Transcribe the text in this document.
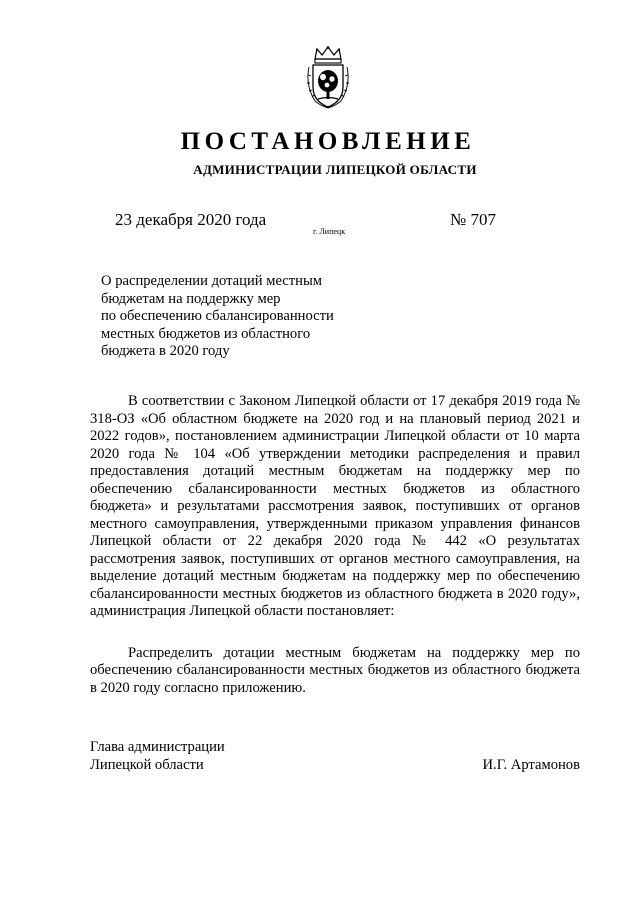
ПОСТАНОВЛЕНИЕ
АДМИНИСТРАЦИИ ЛИПЕЦКОЙ ОБЛАСТИ
23 декабря 2020 года
г. Липецк
№ 707
О распределении дотаций местным
бюджетам на поддержку мер
по обеспечению сбалансированности
местных бюджетов из областного
бюджета в 2020 году

В соответствии с Законом Липецкой области от 17 декабря 2019 года № 318-ОЗ «Об областном бюджете на 2020 год и на плановый период 2021 и 2022 годов», постановлением администрации Липецкой области от 10 марта 2020 года № 104 «Об утверждении методики распределения и правил предоставления дотаций местным бюджетам на поддержку мер по обеспечению сбалансированности местных бюджетов из областного бюджета» и результатами рассмотрения заявок, поступивших от органов местного самоуправления, утвержденными приказом управления финансов Липецкой области от 22 декабря 2020 года № 442 «О результатах рассмотрения заявок, поступивших от органов местного самоуправления, на выделение дотаций местным бюджетам на поддержку мер по обеспечению сбалансированности местных бюджетов из областного бюджета в 2020 году», администрация Липецкой области постановляет:

Распределить дотации местным бюджетам на поддержку мер по обеспечению сбалансированности местных бюджетов из областного бюджета в 2020 году согласно приложению.

Глава администрации
Липецкой области	И.Г. Артамонов
